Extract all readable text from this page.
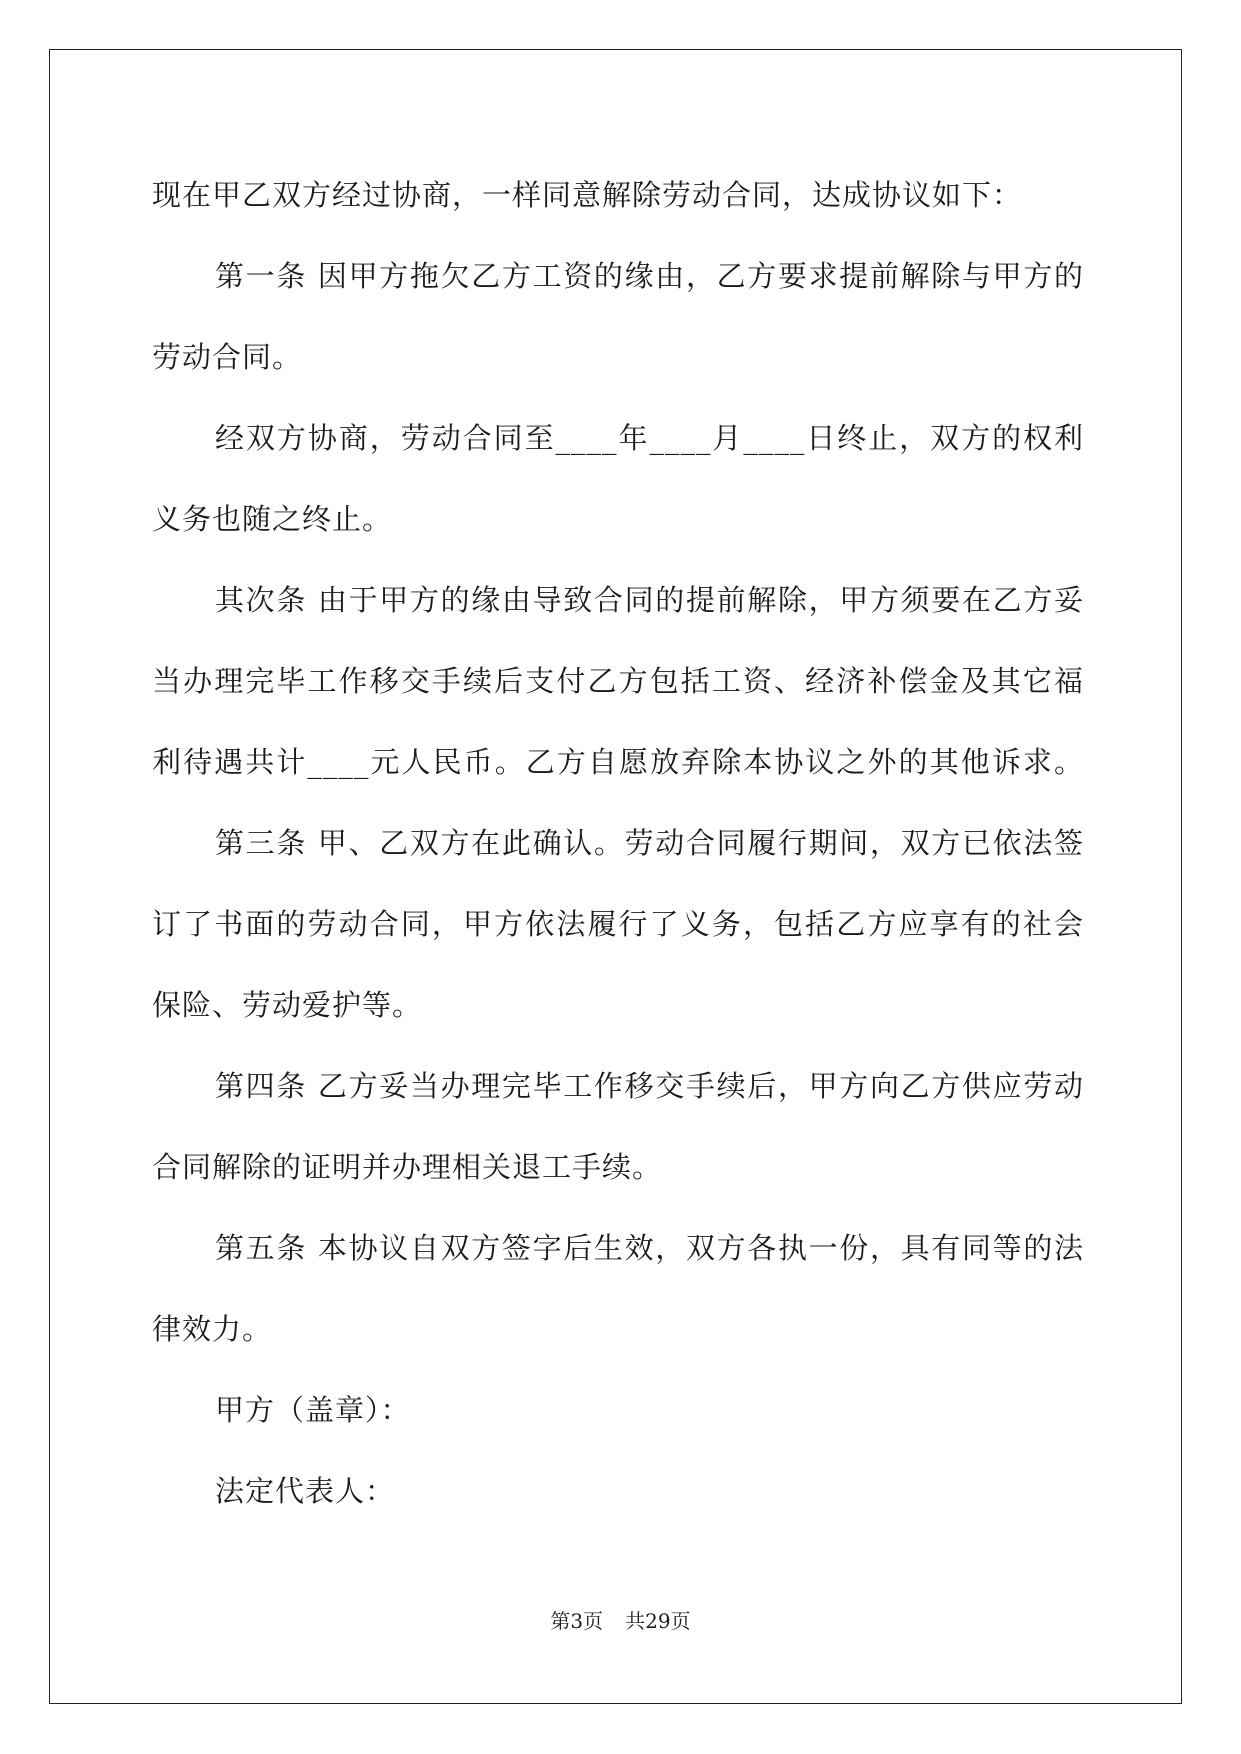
现在甲乙双方经过协商，一样同意解除劳动合同，达成协议如下：
第一条 因甲方拖欠乙方工资的缘由，乙方要求提前解除与甲方的
劳动合同。
经双方协商，劳动合同至____年____月____日终止，双方的权利
义务也随之终止。
其次条 由于甲方的缘由导致合同的提前解除，甲方须要在乙方妥
当办理完毕工作移交手续后支付乙方包括工资、经济补偿金及其它福
利待遇共计____元人民币。乙方自愿放弃除本协议之外的其他诉求。
第三条 甲、乙双方在此确认。劳动合同履行期间，双方已依法签
订了书面的劳动合同，甲方依法履行了义务，包括乙方应享有的社会
保险、劳动爱护等。
第四条 乙方妥当办理完毕工作移交手续后，甲方向乙方供应劳动
合同解除的证明并办理相关退工手续。
第五条 本协议自双方签字后生效，双方各执一份，具有同等的法
律效力。
甲方（盖章）：
法定代表人：
第3页 共29页
